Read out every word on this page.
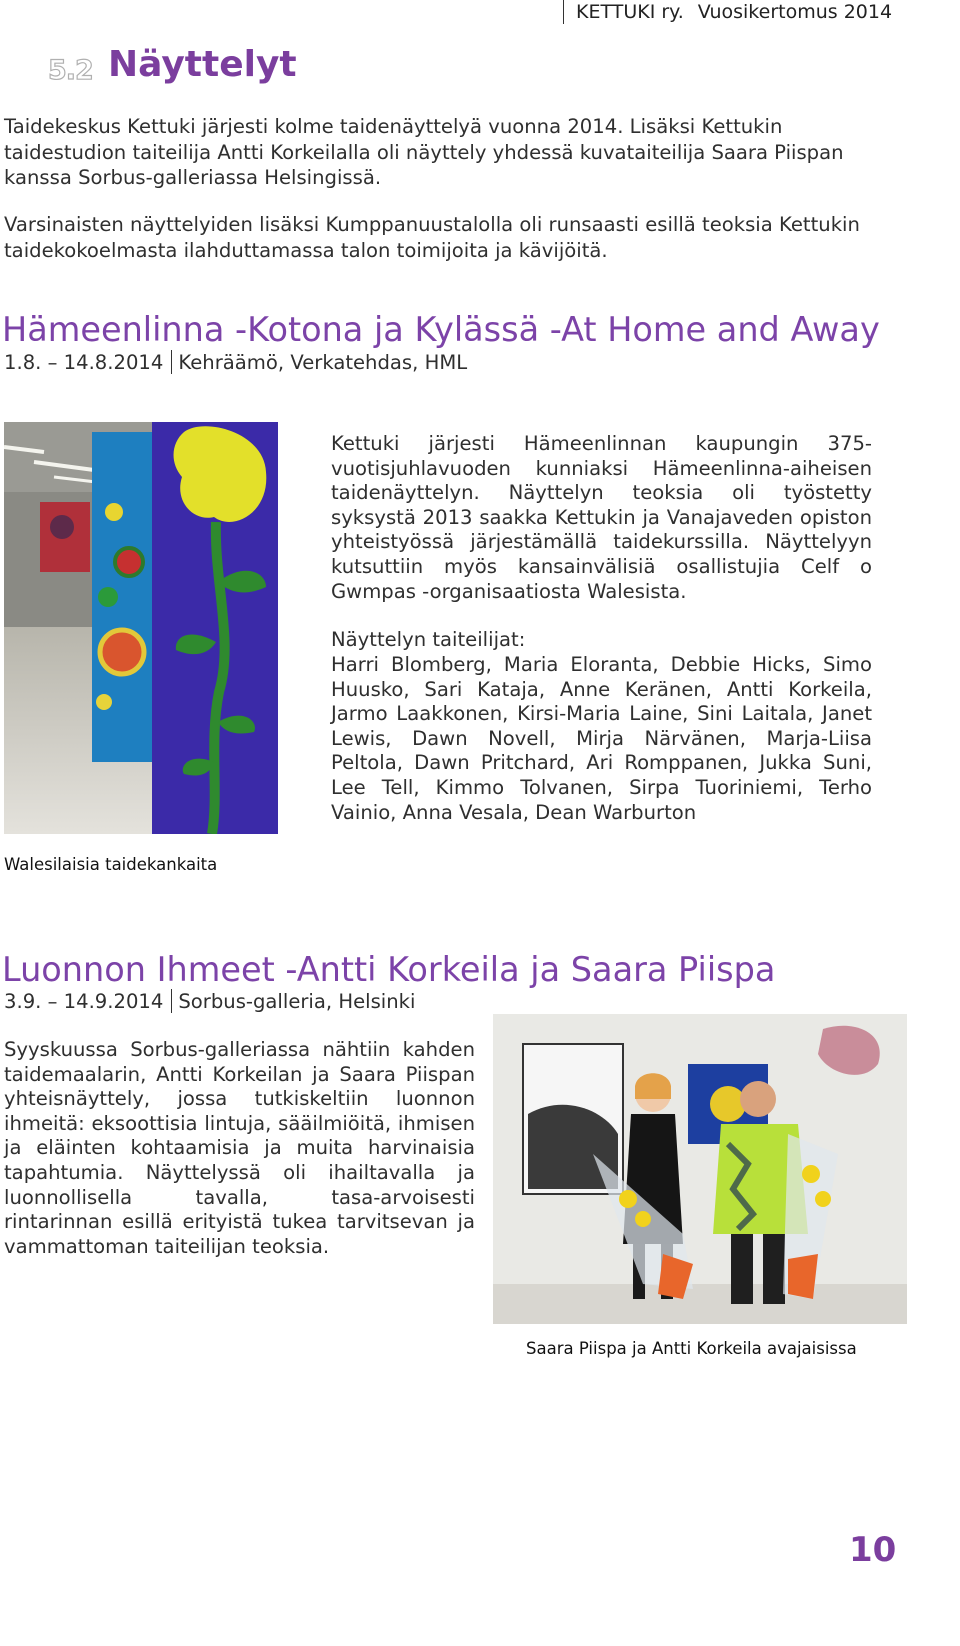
KETTUKI ry. Vuosikertomus 2014
5.2 Näyttelyt

Taidekeskus Kettuki järjesti kolme taidenäyttelyä vuonna 2014. Lisäksi Kettukin taidestudion taiteilija Antti Korkeilalla oli näyttely yhdessä kuvataiteilija Saara Piispan kanssa Sorbus-galleriassa Helsingissä.

Varsinaisten näyttelyiden lisäksi Kumppanuustalolla oli runsaasti esillä teoksia Kettukin taidekokoelmasta ilahduttamassa talon toimijoita ja kävijöitä.

Hämeenlinna -Kotona ja Kylässä -At Home and Away
1.8. – 14.8.2014 Kehräämö, Verkatehdas, HML

Kettuki järjesti Hämeenlinnan kaupungin 375-vuotisjuhlavuoden kunniaksi Hämeenlinna-aiheisen taidenäyttelyn. Näyttelyn teoksia oli työstetty syksystä 2013 saakka Kettukin ja Vanajaveden opiston yhteistyössä järjestämällä taidekurssilla. Näyttelyyn kutsuttiin myös kansainvälisiä osallistujia Celf o Gwmpas -organisaatiosta Walesista.

Näyttelyn taiteilijat:

Harri Blomberg, Maria Eloranta, Debbie Hicks, Simo Huusko, Sari Kataja, Anne Keränen, Antti Korkeila, Jarmo Laakkonen, Kirsi-Maria Laine, Sini Laitala, Janet Lewis, Dawn Novell, Mirja Närvänen, Marja-Liisa Peltola, Dawn Pritchard, Ari Romppanen, Jukka Suni, Lee Tell, Kimmo Tolvanen, Sirpa Tuoriniemi, Terho Vainio, Anna Vesala, Dean Warburton

Walesilaisia taidekankaita
Luonnon Ihmeet -Antti Korkeila ja Saara Piispa
3.9. – 14.9.2014 Sorbus-galleria, Helsinki

Syyskuussa Sorbus-galleriassa nähtiin kahden taidemaalarin, Antti Korkeilan ja Saara Piispan yhteisnäyttely, jossa tutkiskeltiin luonnon ihmeitä: eksoottisia lintuja, sääilmiöitä, ihmisen ja eläinten kohtaamisia ja muita harvinaisia tapahtumia. Näyttelyssä oli ihailtavalla ja luonnollisella tavalla, tasa-arvoisesti rintarinnan esillä erityistä tukea tarvitsevan ja vammattoman taiteilijan teoksia.

Saara Piispa ja Antti Korkeila avajaisissa
10
